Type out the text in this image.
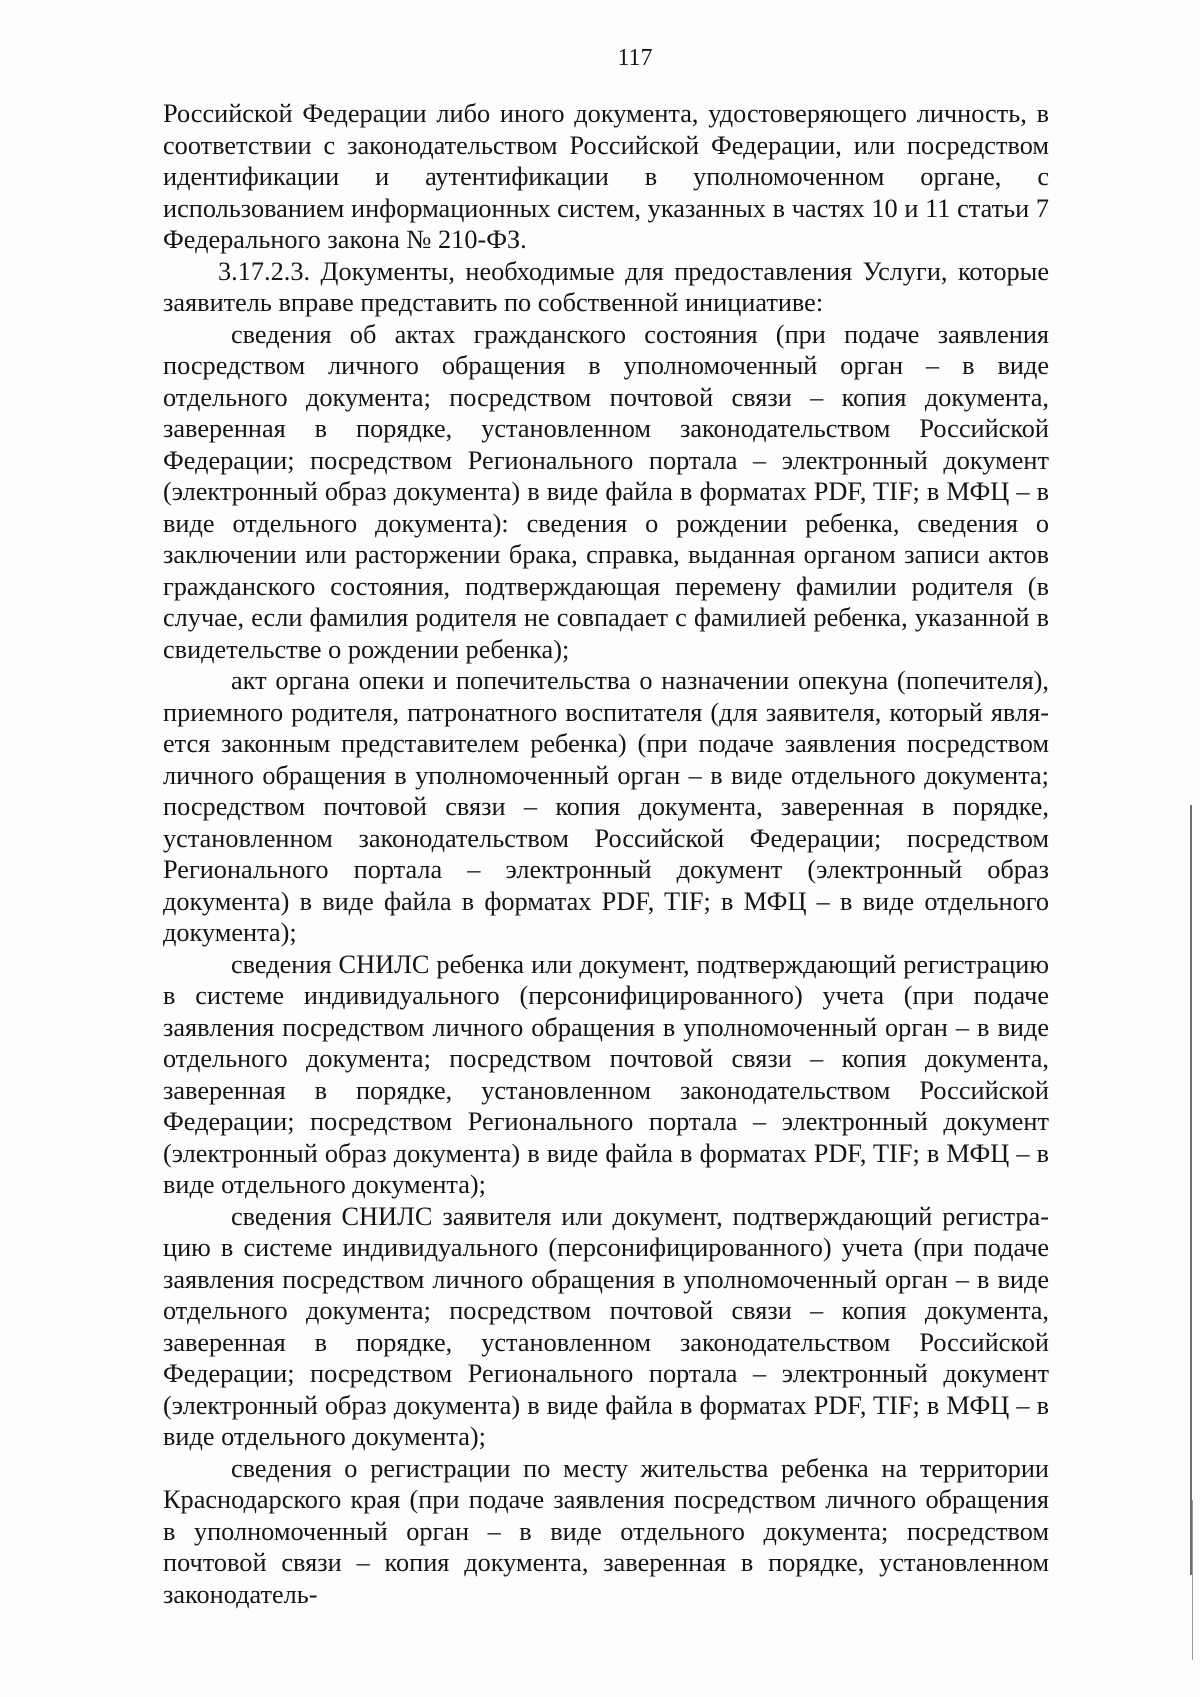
117

Российской Федерации либо иного документа, удостоверяющего личность, в соответствии с законодательством Российской Федерации, или посредством идентификации и аутентификации в уполномоченном органе, с использованием информационных систем, указанных в частях 10 и 11 статьи 7 Федерального закона № 210-ФЗ.

3.17.2.3. Документы, необходимые для предоставления Услуги, которые заявитель вправе представить по собственной инициативе:

сведения об актах гражданского состояния (при подаче заявления посредством личного обращения в уполномоченный орган – в виде отдельного документа; посредством почтовой связи – копия документа, заверенная в порядке, установленном законодательством Российской Федерации; посредством Регионального портала – электронный документ (электронный образ документа) в виде файла в форматах PDF, TIF; в МФЦ – в виде отдельного документа): сведения о рождении ребенка, сведения о заключении или расторжении брака, справка, выданная органом записи актов гражданского состояния, подтверждающая перемену фамилии родителя (в случае, если фамилия родителя не совпадает с фамилией ребенка, указанной в свидетельстве о рождении ребенка);

акт органа опеки и попечительства о назначении опекуна (попечителя), приемного родителя, патронатного воспитателя (для заявителя, который является законным представителем ребенка) (при подаче заявления посредством личного обращения в уполномоченный орган – в виде отдельного документа; посредством почтовой связи – копия документа, заверенная в порядке, установленном законодательством Российской Федерации; посредством Регионального портала – электронный документ (электронный образ документа) в виде файла в форматах PDF, TIF; в МФЦ – в виде отдельного документа);

сведения СНИЛС ребенка или документ, подтверждающий регистрацию в системе индивидуального (персонифицированного) учета (при подаче заявления посредством личного обращения в уполномоченный орган – в виде отдельного документа; посредством почтовой связи – копия документа, заверенная в порядке, установленном законодательством Российской Федерации; посредством Регионального портала – электронный документ (электронный образ документа) в виде файла в форматах PDF, TIF; в МФЦ – в виде отдельного документа);

сведения СНИЛС заявителя или документ, подтверждающий регистрацию в системе индивидуального (персонифицированного) учета (при подаче заявления посредством личного обращения в уполномоченный орган – в виде отдельного документа; посредством почтовой связи – копия документа, заверенная в порядке, установленном законодательством Российской Федерации; посредством Регионального портала – электронный документ (электронный образ документа) в виде файла в форматах PDF, TIF; в МФЦ – в виде отдельного документа);

сведения о регистрации по месту жительства ребенка на территории Краснодарского края (при подаче заявления посредством личного обращения в уполномоченный орган – в виде отдельного документа; посредством почтовой связи – копия документа, заверенная в порядке, установленном законодатель-
